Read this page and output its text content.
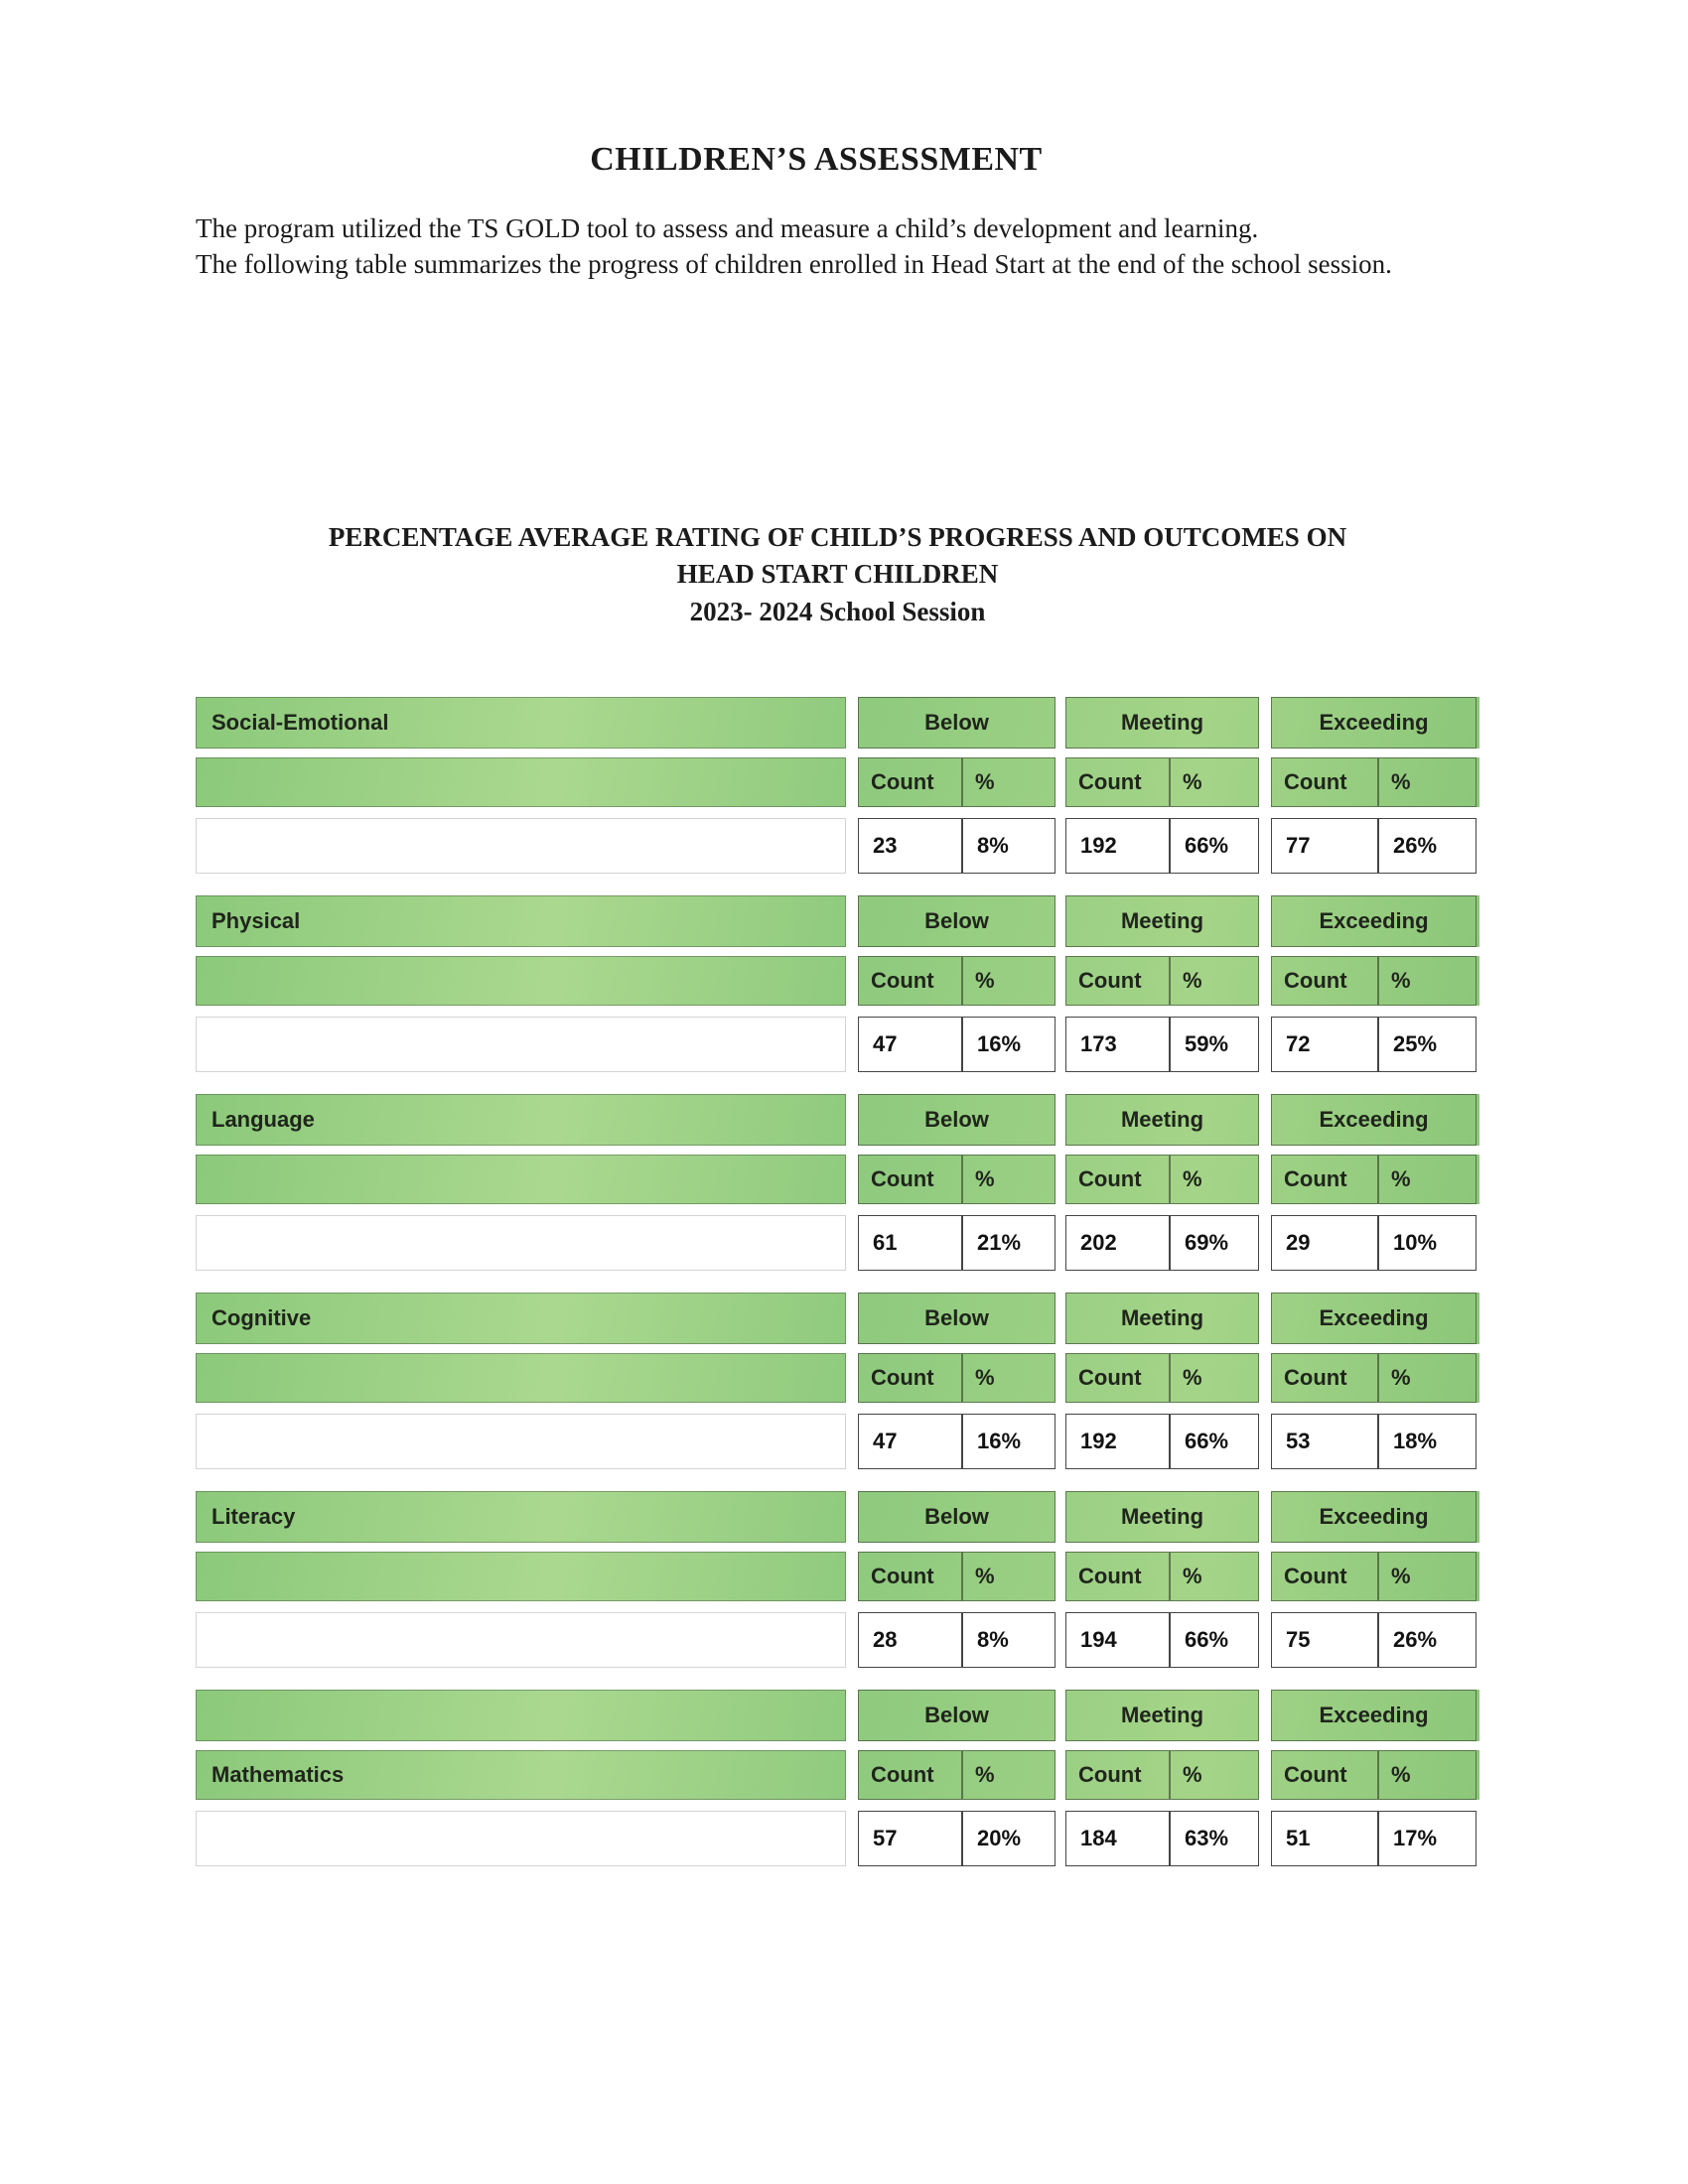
CHILDREN’S ASSESSMENT

The program utilized the TS GOLD tool to assess and measure a child’s development and learning.

The following table summarizes the progress of children enrolled in Head Start at the end of the school session.

PERCENTAGE AVERAGE RATING OF CHILD’S PROGRESS AND OUTCOMES ON
HEAD START CHILDREN
2023- 2024 School Session
Social-Emotional	Below	Meeting	Exceeding
Count	%	Count	%	Count	%
23	8%	192	66%	77	26%
Physical	Below	Meeting	Exceeding
Count	%	Count	%	Count	%
47	16%	173	59%	72	25%
Language	Below	Meeting	Exceeding
Count	%	Count	%	Count	%
61	21%	202	69%	29	10%
Cognitive	Below	Meeting	Exceeding
Count	%	Count	%	Count	%
47	16%	192	66%	53	18%
Literacy	Below	Meeting	Exceeding
Count	%	Count	%	Count	%
28	8%	194	66%	75	26%
Below	Meeting	Exceeding
Mathematics	Count	%	Count	%	Count	%
57	20%	184	63%	51	17%
